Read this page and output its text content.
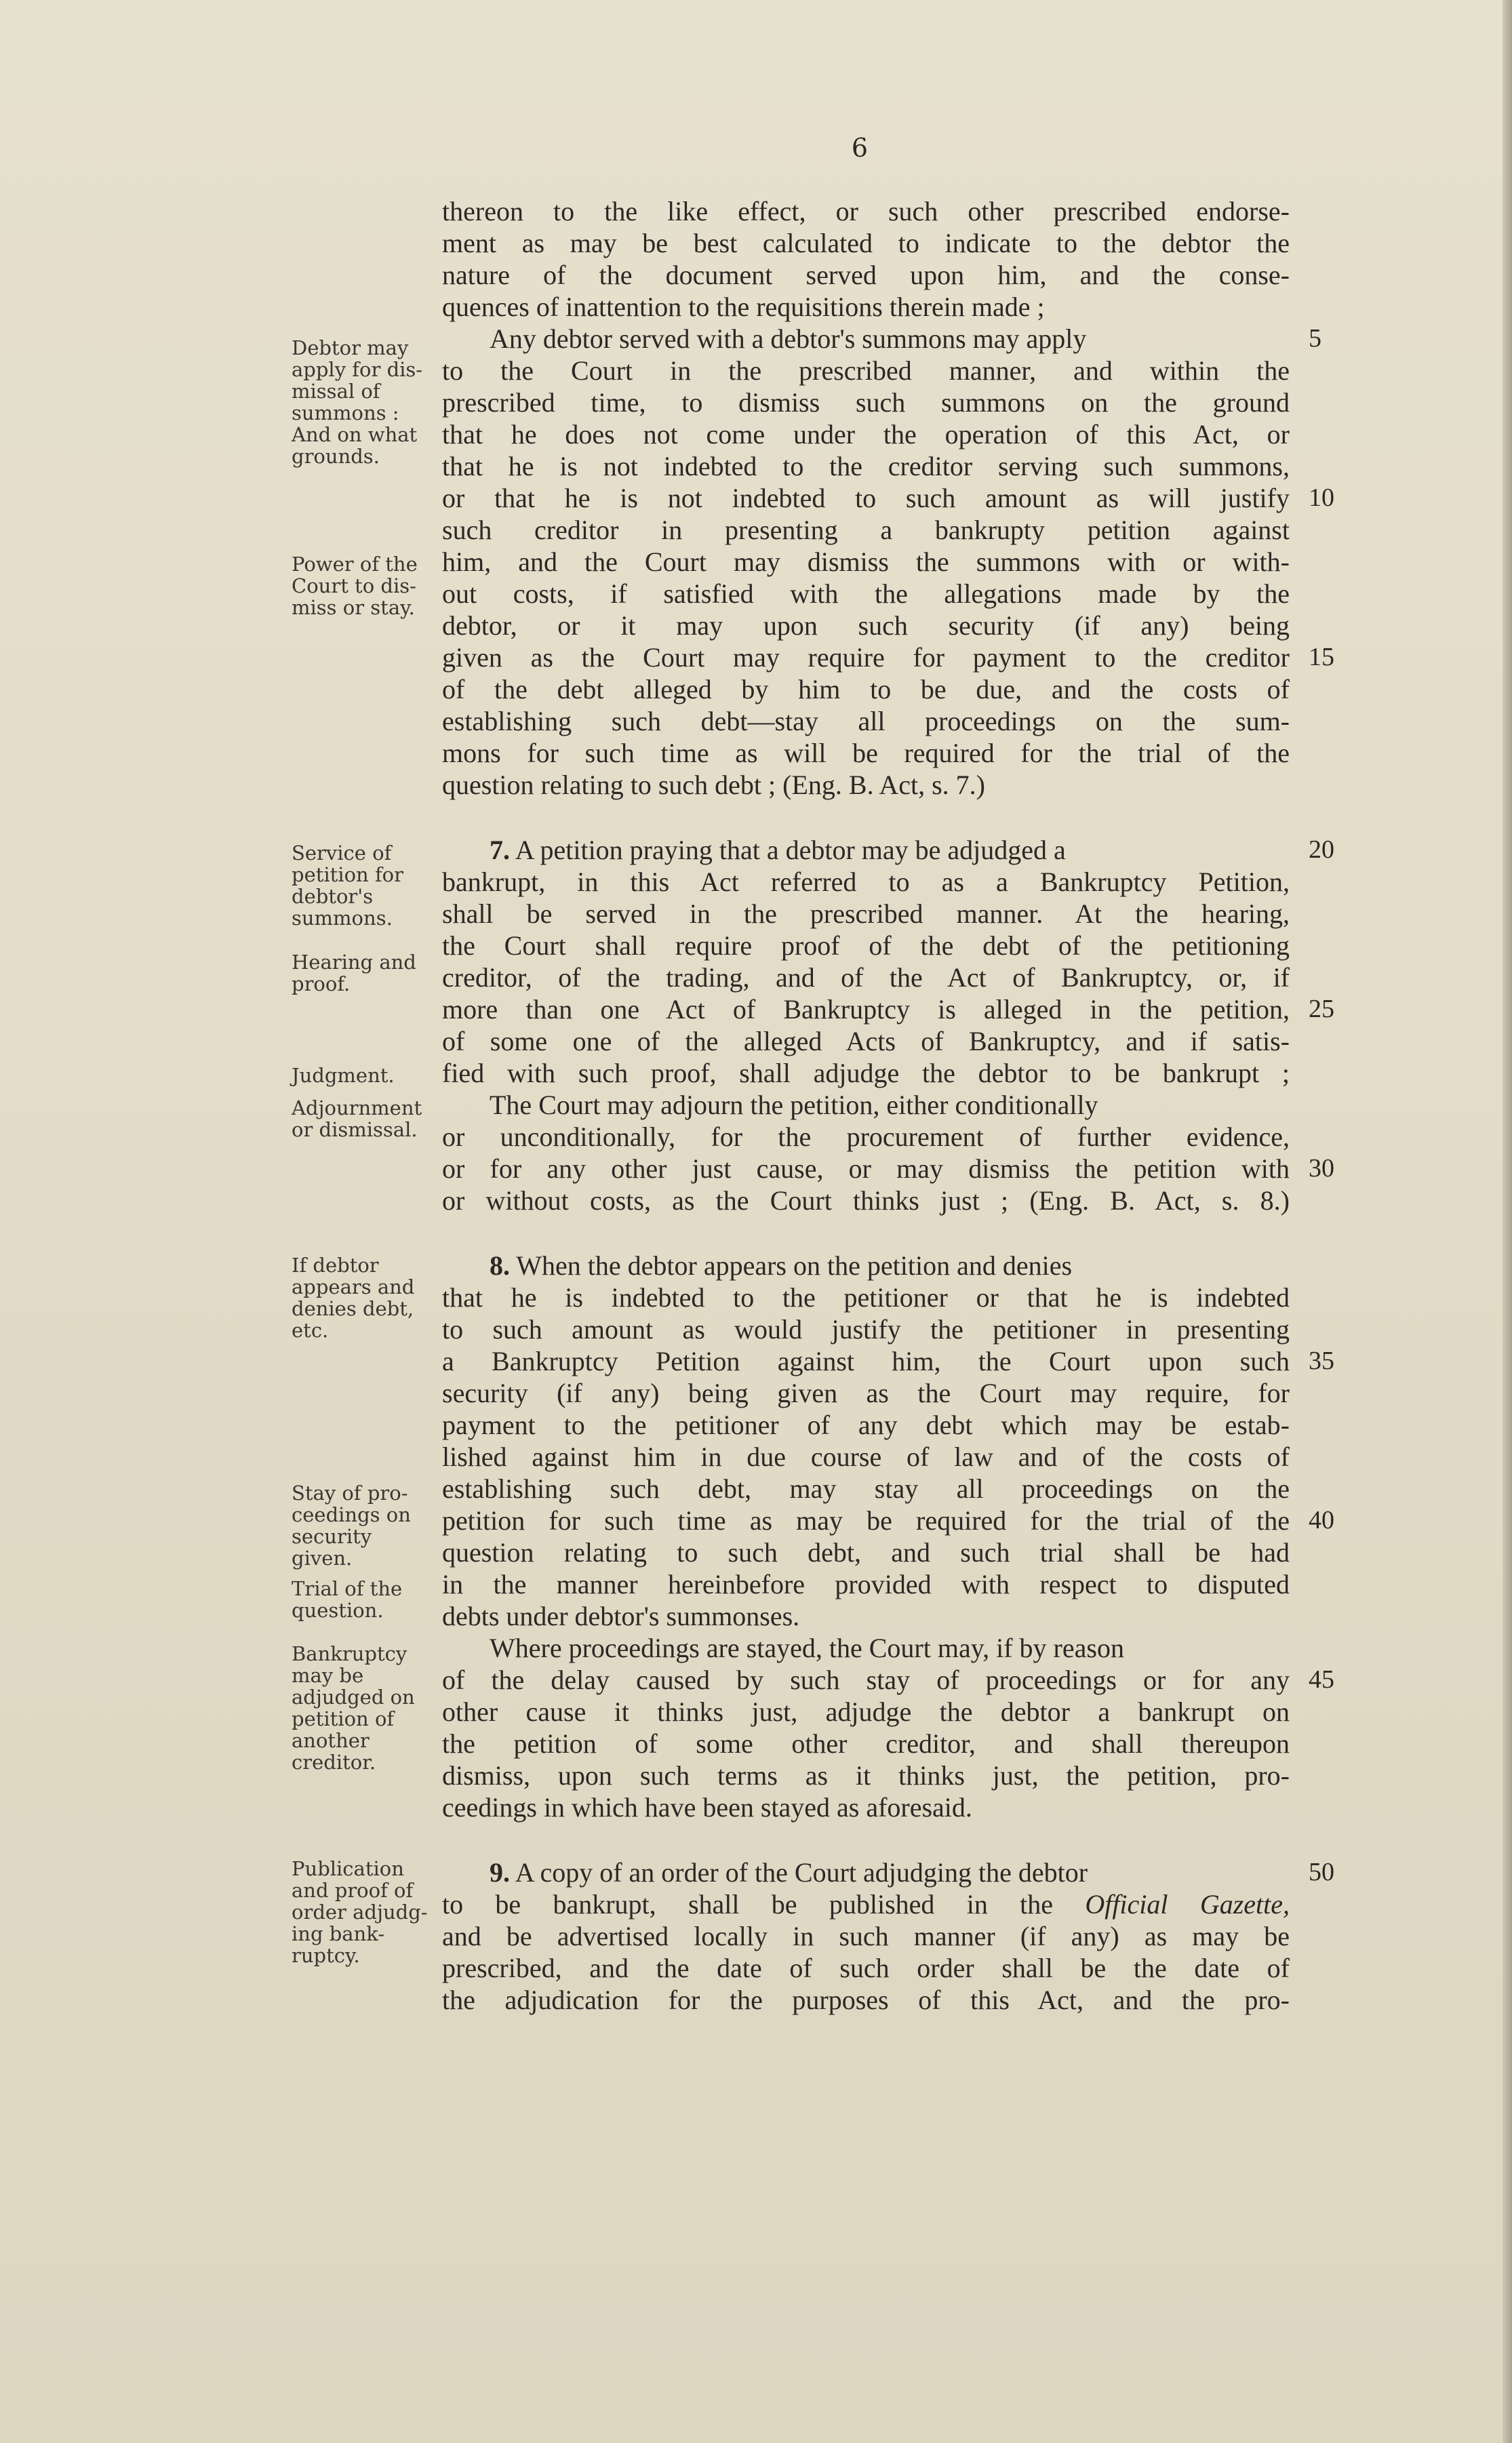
6
Debtor may
apply for dis-
missal of
summons :
And on what
grounds.
Power of the
Court to dis-
miss or stay.
Service of
petition for
debtor's
summons.
Hearing and
proof.
Judgment.
Adjournment
or dismissal.
If debtor
appears and
denies debt,
etc.
Stay of pro-
ceedings on
security
given.
Trial of the
question.
Bankruptcy
may be
adjudged on
petition of
another
creditor.
Publication
and proof of
order adjudg-
ing bank-
ruptcy.
thereon to the like effect, or such other prescribed endorse-
ment as may be best calculated to indicate to the debtor the
nature of the document served upon him, and the conse-
quences of inattention to the requisitions therein made ;
Any debtor served with a debtor's summons may apply
to the Court in the prescribed manner, and within the
prescribed time, to dismiss such summons on the ground
that he does not come under the operation of this Act, or
that he is not indebted to the creditor serving such summons,
or that he is not indebted to such amount as will justify
such creditor in presenting a bankrupty petition against
him, and the Court may dismiss the summons with or with-
out costs, if satisfied with the allegations made by the
debtor, or it may upon such security (if any) being
given as the Court may require for payment to the creditor
of the debt alleged by him to be due, and the costs of
establishing such debt—stay all proceedings on the sum-
mons for such time as will be required for the trial of the
question relating to such debt ; (Eng. B. Act, s. 7.)
7. A petition praying that a debtor may be adjudged a
bankrupt, in this Act referred to as a Bankruptcy Petition,
shall be served in the prescribed manner. At the hearing,
the Court shall require proof of the debt of the petitioning
creditor, of the trading, and of the Act of Bankruptcy, or, if
more than one Act of Bankruptcy is alleged in the petition,
of some one of the alleged Acts of Bankruptcy, and if satis-
fied with such proof, shall adjudge the debtor to be bankrupt ;
The Court may adjourn the petition, either conditionally
or unconditionally, for the procurement of further evidence,
or for any other just cause, or may dismiss the petition with
or without costs, as the Court thinks just ; (Eng. B. Act, s. 8.)
8. When the debtor appears on the petition and denies
that he is indebted to the petitioner or that he is indebted
to such amount as would justify the petitioner in presenting
a Bankruptcy Petition against him, the Court upon such
security (if any) being given as the Court may require, for
payment to the petitioner of any debt which may be estab-
lished against him in due course of law and of the costs of
establishing such debt, may stay all proceedings on the
petition for such time as may be required for the trial of the
question relating to such debt, and such trial shall be had
in the manner hereinbefore provided with respect to disputed
debts under debtor's summonses.
Where proceedings are stayed, the Court may, if by reason
of the delay caused by such stay of proceedings or for any
other cause it thinks just, adjudge the debtor a bankrupt on
the petition of some other creditor, and shall thereupon
dismiss, upon such terms as it thinks just, the petition, pro-
ceedings in which have been stayed as aforesaid.
9. A copy of an order of the Court adjudging the debtor
to be bankrupt, shall be published in the Official Gazette,
and be advertised locally in such manner (if any) as may be
prescribed, and the date of such order shall be the date of
the adjudication for the purposes of this Act, and the pro-
5
10
15
20
25
30
35
40
45
50
